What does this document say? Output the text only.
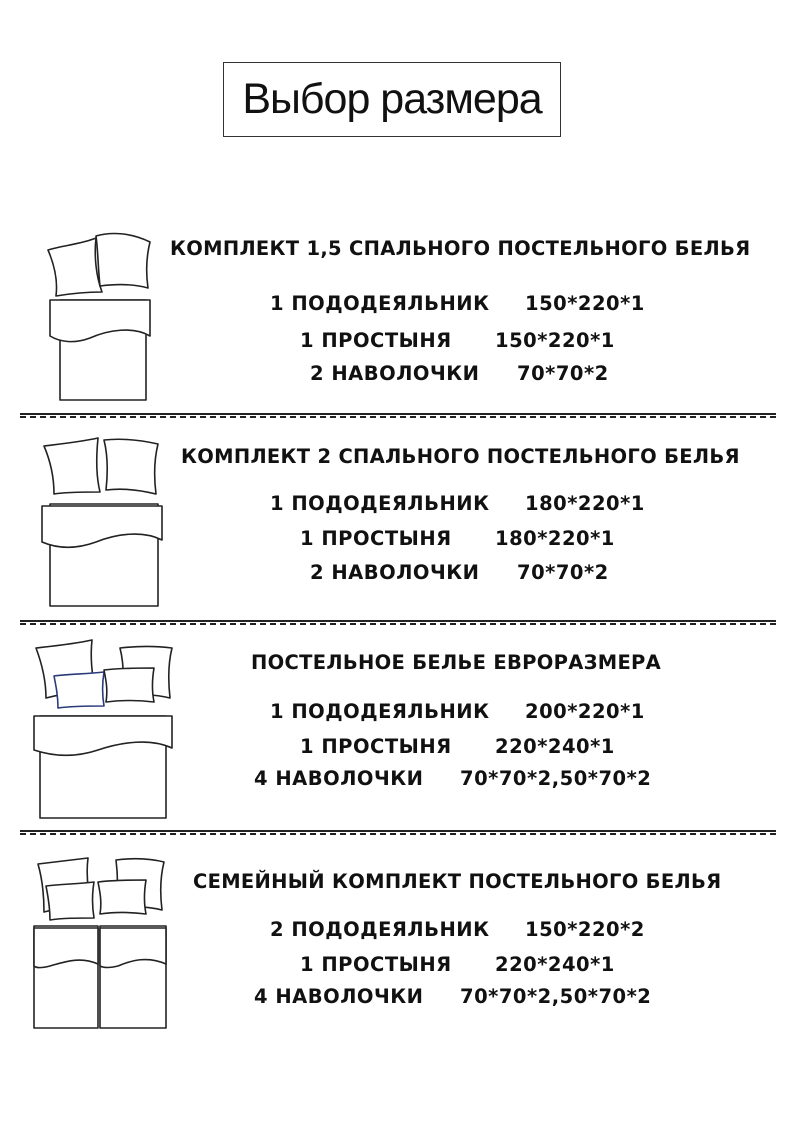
Выбор размера
КОМПЛЕКТ 1,5 СПАЛЬНОГО ПОСТЕЛЬНОГО БЕЛЬЯ
1 ПОДОДЕЯЛЬНИК 150*220*1
1 ПРОСТЫНЯ 150*220*1
2 НАВОЛОЧКИ 70*70*2
КОМПЛЕКТ 2 СПАЛЬНОГО ПОСТЕЛЬНОГО БЕЛЬЯ
1 ПОДОДЕЯЛЬНИК 180*220*1
1 ПРОСТЫНЯ 180*220*1
2 НАВОЛОЧКИ 70*70*2
ПОСТЕЛЬНОЕ БЕЛЬЕ ЕВРОРАЗМЕРА
1 ПОДОДЕЯЛЬНИК 200*220*1
1 ПРОСТЫНЯ 220*240*1
4 НАВОЛОЧКИ 70*70*2,50*70*2
СЕМЕЙНЫЙ КОМПЛЕКТ ПОСТЕЛЬНОГО БЕЛЬЯ
2 ПОДОДЕЯЛЬНИК 150*220*2
1 ПРОСТЫНЯ 220*240*1
4 НАВОЛОЧКИ 70*70*2,50*70*2
